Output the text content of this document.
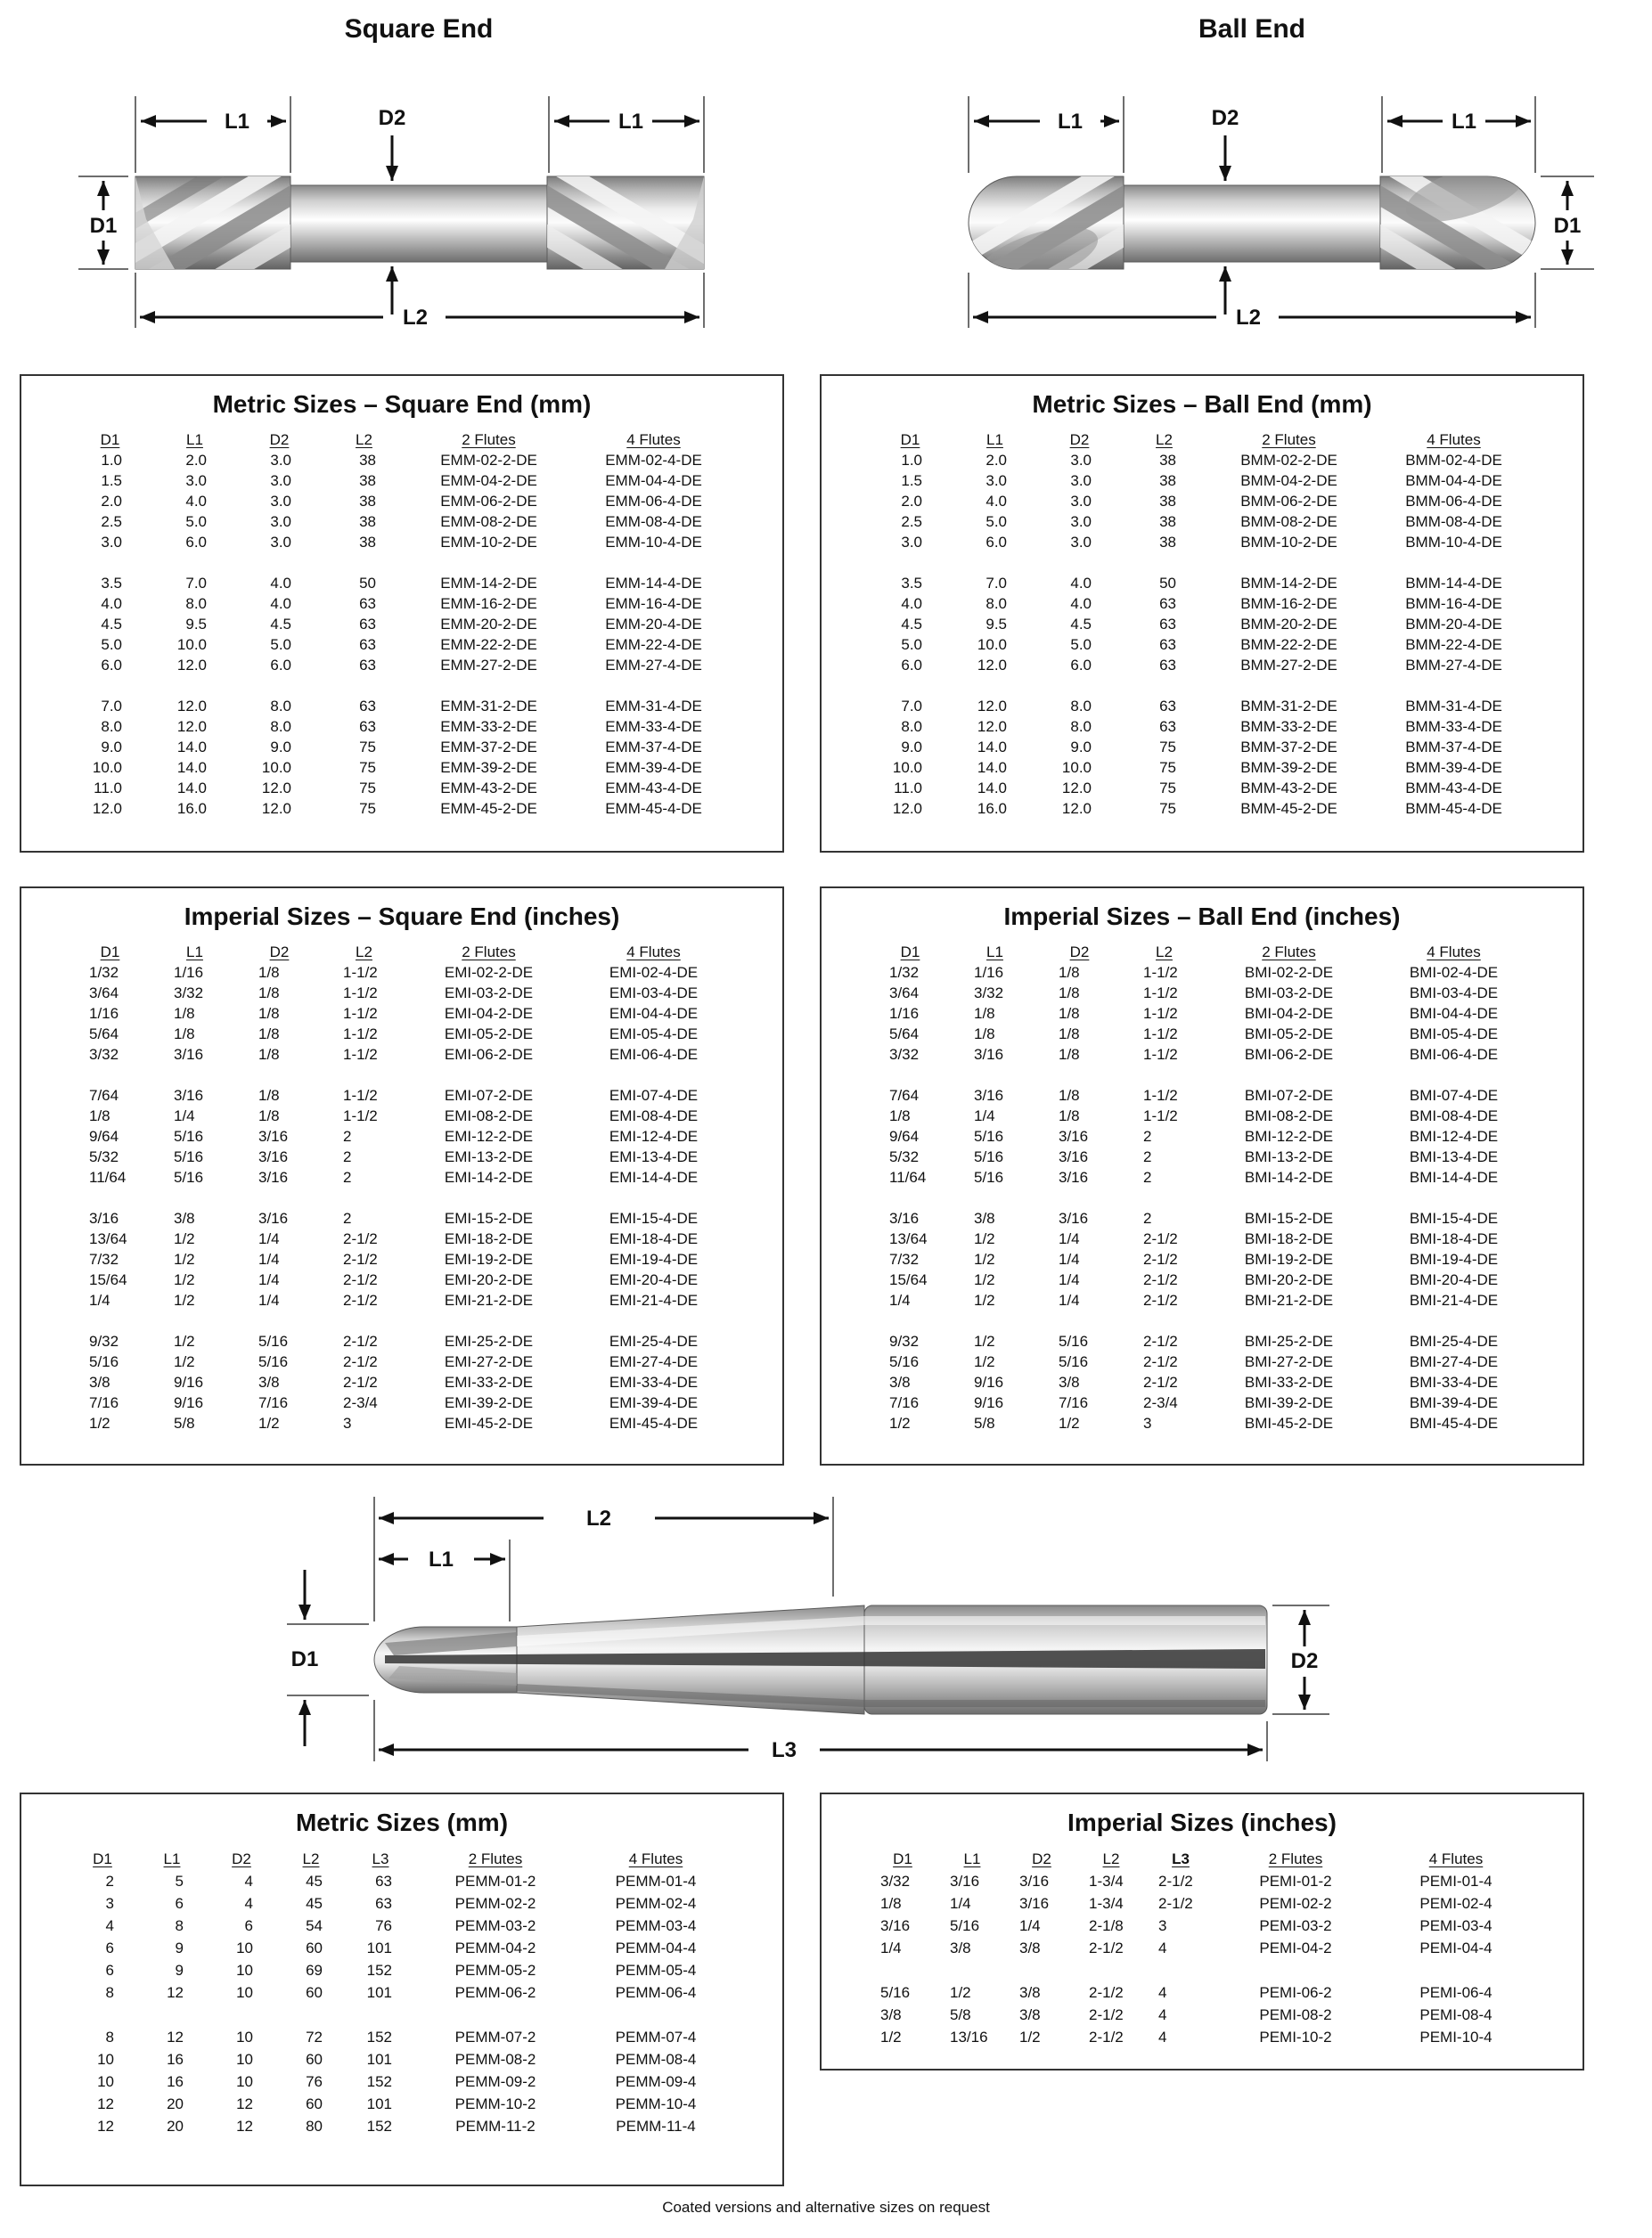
Square End
L1	D2	L1
D1
L2
Ball End
L1	D2	L1
D1
L2
Metric Sizes – Square End (mm)
D1	L1	D2	L2	2 Flutes	4 Flutes
1.0	2.0	3.0	38	EMM-02-2-DE	EMM-02-4-DE
1.5	3.0	3.0	38	EMM-04-2-DE	EMM-04-4-DE
2.0	4.0	3.0	38	EMM-06-2-DE	EMM-06-4-DE
2.5	5.0	3.0	38	EMM-08-2-DE	EMM-08-4-DE
3.0	6.0	3.0	38	EMM-10-2-DE	EMM-10-4-DE

3.5	7.0	4.0	50	EMM-14-2-DE	EMM-14-4-DE
4.0	8.0	4.0	63	EMM-16-2-DE	EMM-16-4-DE
4.5	9.5	4.5	63	EMM-20-2-DE	EMM-20-4-DE
5.0	10.0	5.0	63	EMM-22-2-DE	EMM-22-4-DE
6.0	12.0	6.0	63	EMM-27-2-DE	EMM-27-4-DE

7.0	12.0	8.0	63	EMM-31-2-DE	EMM-31-4-DE
8.0	12.0	8.0	63	EMM-33-2-DE	EMM-33-4-DE
9.0	14.0	9.0	75	EMM-37-2-DE	EMM-37-4-DE
10.0	14.0	10.0	75	EMM-39-2-DE	EMM-39-4-DE
11.0	14.0	12.0	75	EMM-43-2-DE	EMM-43-4-DE
12.0	16.0	12.0	75	EMM-45-2-DE	EMM-45-4-DE
Metric Sizes – Ball End (mm)
D1	L1	D2	L2	2 Flutes	4 Flutes
1.0	2.0	3.0	38	BMM-02-2-DE	BMM-02-4-DE
1.5	3.0	3.0	38	BMM-04-2-DE	BMM-04-4-DE
2.0	4.0	3.0	38	BMM-06-2-DE	BMM-06-4-DE
2.5	5.0	3.0	38	BMM-08-2-DE	BMM-08-4-DE
3.0	6.0	3.0	38	BMM-10-2-DE	BMM-10-4-DE

3.5	7.0	4.0	50	BMM-14-2-DE	BMM-14-4-DE
4.0	8.0	4.0	63	BMM-16-2-DE	BMM-16-4-DE
4.5	9.5	4.5	63	BMM-20-2-DE	BMM-20-4-DE
5.0	10.0	5.0	63	BMM-22-2-DE	BMM-22-4-DE
6.0	12.0	6.0	63	BMM-27-2-DE	BMM-27-4-DE

7.0	12.0	8.0	63	BMM-31-2-DE	BMM-31-4-DE
8.0	12.0	8.0	63	BMM-33-2-DE	BMM-33-4-DE
9.0	14.0	9.0	75	BMM-37-2-DE	BMM-37-4-DE
10.0	14.0	10.0	75	BMM-39-2-DE	BMM-39-4-DE
11.0	14.0	12.0	75	BMM-43-2-DE	BMM-43-4-DE
12.0	16.0	12.0	75	BMM-45-2-DE	BMM-45-4-DE
Imperial Sizes – Square End (inches)
D1	L1	D2	L2	2 Flutes	4 Flutes
1/32	1/16	1/8	1-1/2	EMI-02-2-DE	EMI-02-4-DE
3/64	3/32	1/8	1-1/2	EMI-03-2-DE	EMI-03-4-DE
1/16	1/8	1/8	1-1/2	EMI-04-2-DE	EMI-04-4-DE
5/64	1/8	1/8	1-1/2	EMI-05-2-DE	EMI-05-4-DE
3/32	3/16	1/8	1-1/2	EMI-06-2-DE	EMI-06-4-DE

7/64	3/16	1/8	1-1/2	EMI-07-2-DE	EMI-07-4-DE
1/8	1/4	1/8	1-1/2	EMI-08-2-DE	EMI-08-4-DE
9/64	5/16	3/16	2	EMI-12-2-DE	EMI-12-4-DE
5/32	5/16	3/16	2	EMI-13-2-DE	EMI-13-4-DE
11/64	5/16	3/16	2	EMI-14-2-DE	EMI-14-4-DE

3/16	3/8	3/16	2	EMI-15-2-DE	EMI-15-4-DE
13/64	1/2	1/4	2-1/2	EMI-18-2-DE	EMI-18-4-DE
7/32	1/2	1/4	2-1/2	EMI-19-2-DE	EMI-19-4-DE
15/64	1/2	1/4	2-1/2	EMI-20-2-DE	EMI-20-4-DE
1/4	1/2	1/4	2-1/2	EMI-21-2-DE	EMI-21-4-DE

9/32	1/2	5/16	2-1/2	EMI-25-2-DE	EMI-25-4-DE
5/16	1/2	5/16	2-1/2	EMI-27-2-DE	EMI-27-4-DE
3/8	9/16	3/8	2-1/2	EMI-33-2-DE	EMI-33-4-DE
7/16	9/16	7/16	2-3/4	EMI-39-2-DE	EMI-39-4-DE
1/2	5/8	1/2	3	EMI-45-2-DE	EMI-45-4-DE
Imperial Sizes – Ball End (inches)
D1	L1	D2	L2	2 Flutes	4 Flutes
1/32	1/16	1/8	1-1/2	BMI-02-2-DE	BMI-02-4-DE
3/64	3/32	1/8	1-1/2	BMI-03-2-DE	BMI-03-4-DE
1/16	1/8	1/8	1-1/2	BMI-04-2-DE	BMI-04-4-DE
5/64	1/8	1/8	1-1/2	BMI-05-2-DE	BMI-05-4-DE
3/32	3/16	1/8	1-1/2	BMI-06-2-DE	BMI-06-4-DE

7/64	3/16	1/8	1-1/2	BMI-07-2-DE	BMI-07-4-DE
1/8	1/4	1/8	1-1/2	BMI-08-2-DE	BMI-08-4-DE
9/64	5/16	3/16	2	BMI-12-2-DE	BMI-12-4-DE
5/32	5/16	3/16	2	BMI-13-2-DE	BMI-13-4-DE
11/64	5/16	3/16	2	BMI-14-2-DE	BMI-14-4-DE

3/16	3/8	3/16	2	BMI-15-2-DE	BMI-15-4-DE
13/64	1/2	1/4	2-1/2	BMI-18-2-DE	BMI-18-4-DE
7/32	1/2	1/4	2-1/2	BMI-19-2-DE	BMI-19-4-DE
15/64	1/2	1/4	2-1/2	BMI-20-2-DE	BMI-20-4-DE
1/4	1/2	1/4	2-1/2	BMI-21-2-DE	BMI-21-4-DE

9/32	1/2	5/16	2-1/2	BMI-25-2-DE	BMI-25-4-DE
5/16	1/2	5/16	2-1/2	BMI-27-2-DE	BMI-27-4-DE
3/8	9/16	3/8	2-1/2	BMI-33-2-DE	BMI-33-4-DE
7/16	9/16	7/16	2-3/4	BMI-39-2-DE	BMI-39-4-DE
1/2	5/8	1/2	3	BMI-45-2-DE	BMI-45-4-DE
L2
L1
D1	D2
L3
Metric Sizes (mm)
D1	L1	D2	L2	L3	2 Flutes	4 Flutes
2	5	4	45	63	PEMM-01-2	PEMM-01-4
3	6	4	45	63	PEMM-02-2	PEMM-02-4
4	8	6	54	76	PEMM-03-2	PEMM-03-4
6	9	10	60	101	PEMM-04-2	PEMM-04-4
6	9	10	69	152	PEMM-05-2	PEMM-05-4
8	12	10	60	101	PEMM-06-2	PEMM-06-4

8	12	10	72	152	PEMM-07-2	PEMM-07-4
10	16	10	60	101	PEMM-08-2	PEMM-08-4
10	16	10	76	152	PEMM-09-2	PEMM-09-4
12	20	12	60	101	PEMM-10-2	PEMM-10-4
12	20	12	80	152	PEMM-11-2	PEMM-11-4
Imperial Sizes (inches)
D1	L1	D2	L2	L3	2 Flutes	4 Flutes
3/32	3/16	3/16	1-3/4	2-1/2	PEMI-01-2	PEMI-01-4
1/8	1/4	3/16	1-3/4	2-1/2	PEMI-02-2	PEMI-02-4
3/16	5/16	1/4	2-1/8	3	PEMI-03-2	PEMI-03-4
1/4	3/8	3/8	2-1/2	4	PEMI-04-2	PEMI-04-4

5/16	1/2	3/8	2-1/2	4	PEMI-06-2	PEMI-06-4
3/8	5/8	3/8	2-1/2	4	PEMI-08-2	PEMI-08-4
1/2	13/16	1/2	2-1/2	4	PEMI-10-2	PEMI-10-4
Coated versions and alternative sizes on request
